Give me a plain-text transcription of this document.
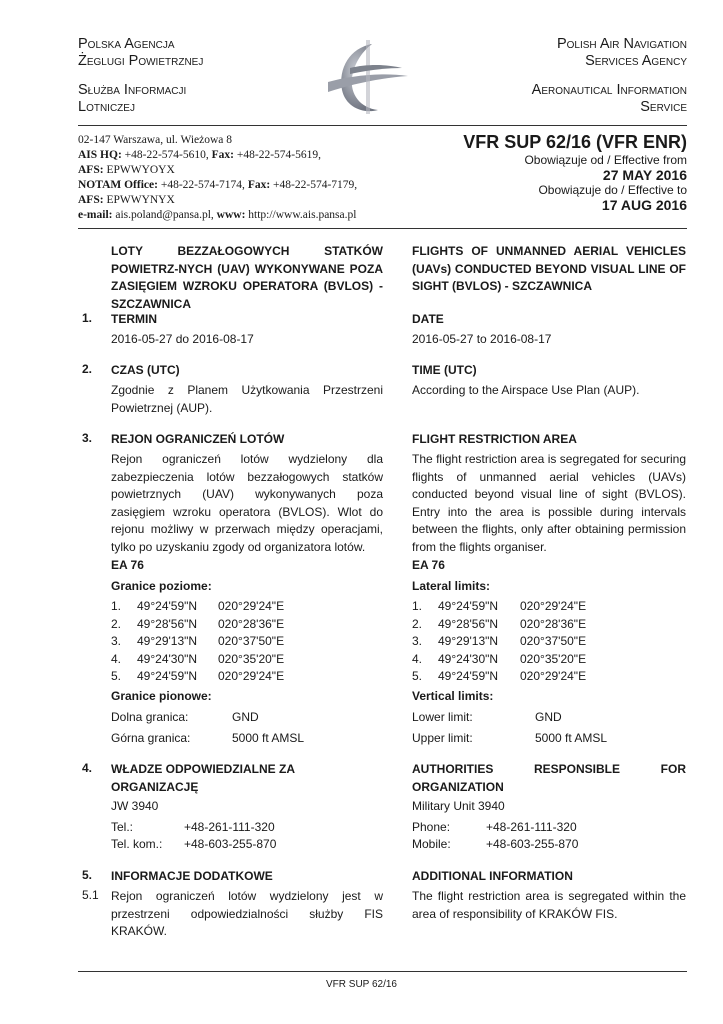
Polska Agencja
Żeglugi Powietrznej
Służba Informacji
Lotniczej
Polish Air Navigation
Services Agency
Aeronautical Information
Service
02-147 Warszawa, ul. Wieżowa 8
AIS HQ: +48-22-574-5610, Fax: +48-22-574-5619,
AFS: EPWWYOYX
NOTAM Office: +48-22-574-7174, Fax: +48-22-574-7179,
AFS: EPWWYNYX
e-mail: ais.poland@pansa.pl, www: http://www.ais.pansa.pl
VFR SUP 62/16 (VFR ENR)
Obowiązuje od / Effective from
27 MAY 2016
Obowiązuje do / Effective to
17 AUG 2016
LOTY BEZZAŁOGOWYCH STATKÓW POWIETRZ-NYCH (UAV) WYKONYWANE POZA ZASIĘGIEM WZROKU OPERATORA (BVLOS) - SZCZAWNICA
FLIGHTS OF UNMANNED AERIAL VEHICLES (UAVs) CONDUCTED BEYOND VISUAL LINE OF SIGHT (BVLOS) - SZCZAWNICA
1. TERMIN	DATE
2016-05-27 do 2016-08-17	2016-05-27 to 2016-08-17
2. CZAS (UTC)	TIME (UTC)
Zgodnie z Planem Użytkowania Przestrzeni Powietrznej (AUP).
According to the Airspace Use Plan (AUP).
3. REJON OGRANICZEŃ LOTÓW	FLIGHT RESTRICTION AREA
Rejon ograniczeń lotów wydzielony dla zabezpieczenia lotów bezzałogowych statków powietrznych (UAV) wykonywanych poza zasięgiem wzroku operatora (BVLOS). Wlot do rejonu możliwy w przerwach między operacjami, tylko po uzyskaniu zgody od organizatora lotów.
The flight restriction area is segregated for securing flights of unmanned aerial vehicles (UAVs) conducted beyond visual line of sight (BVLOS). Entry into the area is possible during intervals between the flights, only after obtaining permission from the flights organiser.
EA 76	EA 76
Granice poziome:	Lateral limits:
1.	49°24'59"N	020°29'24"E
2.	49°28'56"N	020°28'36"E
3.	49°29'13"N	020°37'50"E
4.	49°24'30"N	020°35'20"E
5.	49°24'59"N	020°29'24"E
1.	49°24'59"N	020°29'24"E
2.	49°28'56"N	020°28'36"E
3.	49°29'13"N	020°37'50"E
4.	49°24'30"N	020°35'20"E
5.	49°24'59"N	020°29'24"E
Granice pionowe:	Vertical limits:
Dolna granica:	GND	Lower limit:	GND
Górna granica:	5000 ft AMSL	Upper limit:	5000 ft AMSL
4. WŁADZE ODPOWIEDZIALNE ZA ORGANIZACJĘ
AUTHORITIES RESPONSIBLE FOR ORGANIZATION
JW 3940	Military Unit 3940
Tel.:	+48-261-111-320	Phone:	+48-261-111-320
Tel. kom.: +48-603-255-870	Mobile:	+48-603-255-870
5. INFORMACJE DODATKOWE	ADDITIONAL INFORMATION
5.1 Rejon ograniczeń lotów wydzielony jest w przestrzeni odpowiedzialności służby FIS KRAKÓW.
The flight restriction area is segregated within the area of responsibility of KRAKÓW FIS.
VFR SUP 62/16
